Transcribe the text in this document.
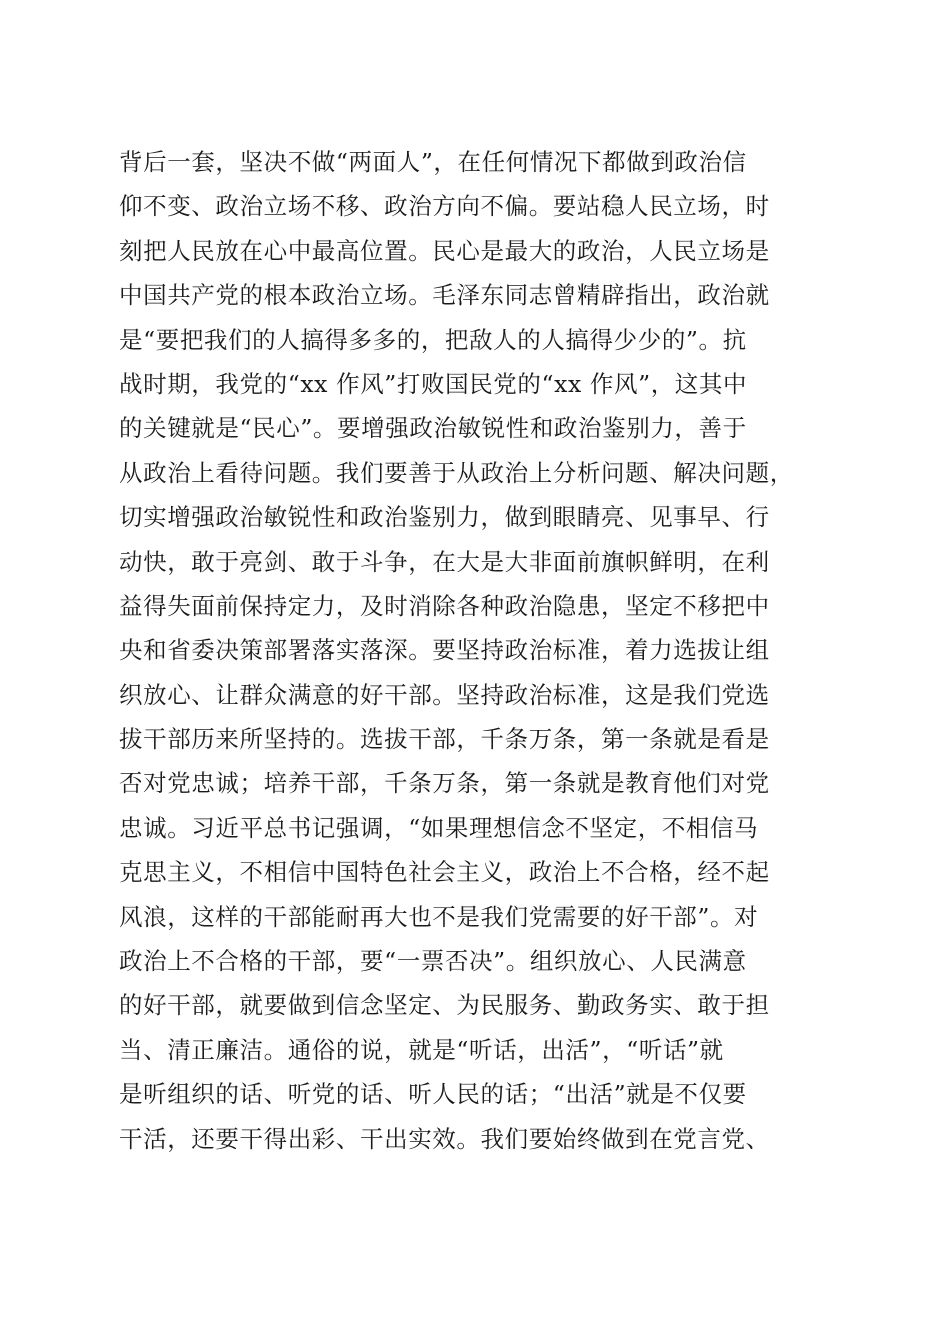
背后一套，坚决不做“两面人”，在任何情况下都做到政治信
仰不变、政治立场不移、政治方向不偏。要站稳人民立场，时
刻把人民放在心中最高位置。民心是最大的政治，人民立场是
中国共产党的根本政治立场。毛泽东同志曾精辟指出，政治就
是“要把我们的人搞得多多的，把敌人的人搞得少少的”。抗
战时期，我党的“xx 作风”打败国民党的“xx 作风”，这其中
的关键就是“民心”。要增强政治敏锐性和政治鉴别力，善于
从政治上看待问题。我们要善于从政治上分析问题、解决问题，
切实增强政治敏锐性和政治鉴别力，做到眼睛亮、见事早、行
动快，敢于亮剑、敢于斗争，在大是大非面前旗帜鲜明，在利
益得失面前保持定力，及时消除各种政治隐患，坚定不移把中
央和省委决策部署落实落深。要坚持政治标准，着力选拔让组
织放心、让群众满意的好干部。坚持政治标准，这是我们党选
拔干部历来所坚持的。选拔干部，千条万条，第一条就是看是
否对党忠诚；培养干部，千条万条，第一条就是教育他们对党
忠诚。习近平总书记强调，“如果理想信念不坚定，不相信马
克思主义，不相信中国特色社会主义，政治上不合格，经不起
风浪，这样的干部能耐再大也不是我们党需要的好干部”。对
政治上不合格的干部，要“一票否决”。组织放心、人民满意
的好干部，就要做到信念坚定、为民服务、勤政务实、敢于担
当、清正廉洁。通俗的说，就是“听话，出活”，“听话”就
是听组织的话、听党的话、听人民的话；“出活”就是不仅要
干活，还要干得出彩、干出实效。我们要始终做到在党言党、
